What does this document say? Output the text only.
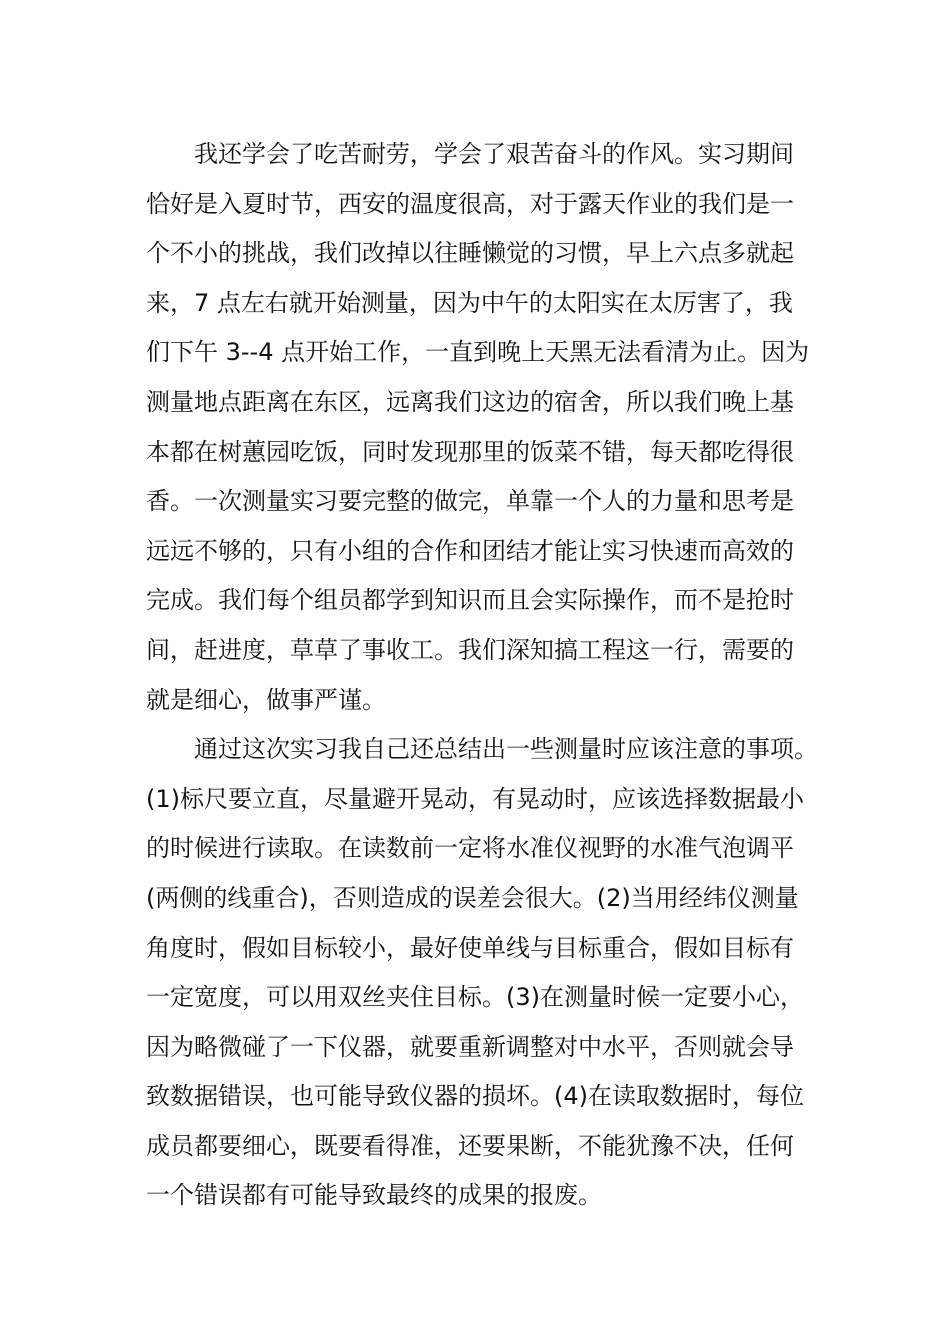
我还学会了吃苦耐劳，学会了艰苦奋斗的作风。实习期间
恰好是入夏时节，西安的温度很高，对于露天作业的我们是一
个不小的挑战，我们改掉以往睡懒觉的习惯，早上六点多就起
来，7 点左右就开始测量，因为中午的太阳实在太厉害了，我
们下午 3--4 点开始工作，一直到晚上天黑无法看清为止。因为
测量地点距离在东区，远离我们这边的宿舍，所以我们晚上基
本都在树蕙园吃饭，同时发现那里的饭菜不错，每天都吃得很
香。一次测量实习要完整的做完，单靠一个人的力量和思考是
远远不够的，只有小组的合作和团结才能让实习快速而高效的
完成。我们每个组员都学到知识而且会实际操作，而不是抢时
间，赶进度，草草了事收工。我们深知搞工程这一行，需要的
就是细心，做事严谨。
通过这次实习我自己还总结出一些测量时应该注意的事项。
(1)标尺要立直，尽量避开晃动，有晃动时，应该选择数据最小
的时候进行读取。在读数前一定将水准仪视野的水准气泡调平
(两侧的线重合)，否则造成的误差会很大。(2)当用经纬仪测量
角度时，假如目标较小，最好使单线与目标重合，假如目标有
一定宽度，可以用双丝夹住目标。(3)在测量时候一定要小心，
因为略微碰了一下仪器，就要重新调整对中水平，否则就会导
致数据错误，也可能导致仪器的损坏。(4)在读取数据时，每位
成员都要细心，既要看得准，还要果断，不能犹豫不决，任何
一个错误都有可能导致最终的成果的报废。
